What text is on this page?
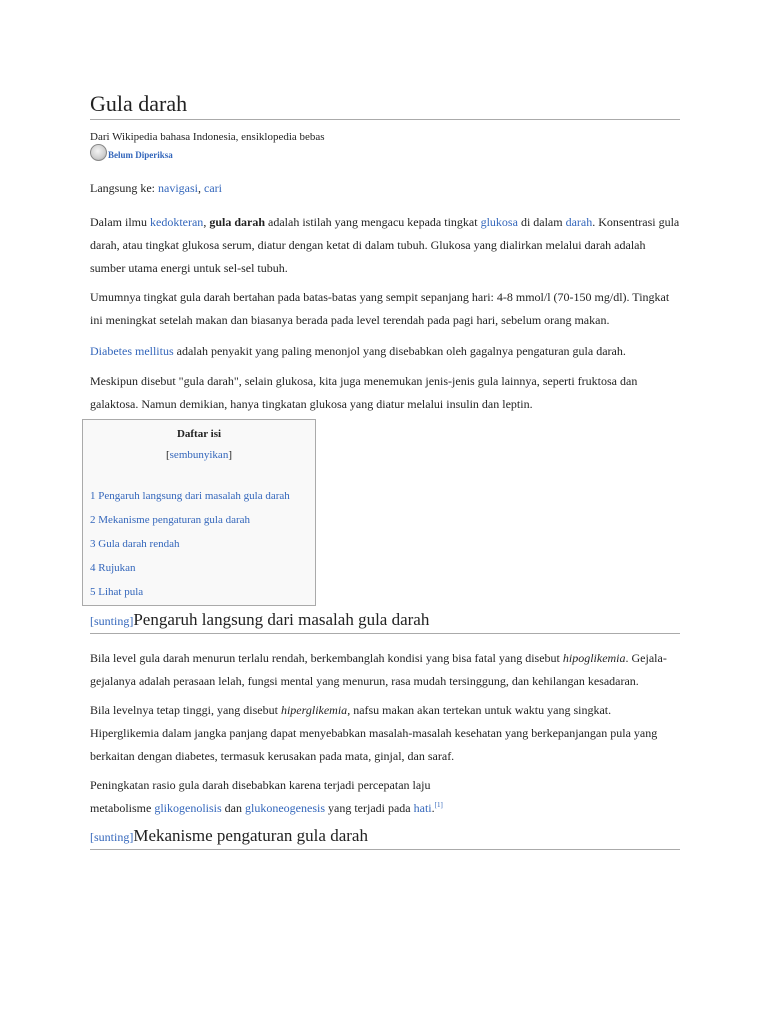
Gula darah
Dari Wikipedia bahasa Indonesia, ensiklopedia bebas
Belum Diperiksa
Langsung ke: navigasi, cari

Dalam ilmu kedokteran, gula darah adalah istilah yang mengacu kepada tingkat glukosa di dalam darah. Konsentrasi gula darah, atau tingkat glukosa serum, diatur dengan ketat di dalam tubuh. Glukosa yang dialirkan melalui darah adalah sumber utama energi untuk sel-sel tubuh.

Umumnya tingkat gula darah bertahan pada batas-batas yang sempit sepanjang hari: 4-8 mmol/l (70-150 mg/dl). Tingkat ini meningkat setelah makan dan biasanya berada pada level terendah pada pagi hari, sebelum orang makan.

Diabetes mellitus adalah penyakit yang paling menonjol yang disebabkan oleh gagalnya pengaturan gula darah.

Meskipun disebut "gula darah", selain glukosa, kita juga menemukan jenis-jenis gula lainnya, seperti fruktosa dan galaktosa. Namun demikian, hanya tingkatan glukosa yang diatur melalui insulin dan leptin.

Daftar isi
[sembunyikan]
1 Pengaruh langsung dari masalah gula darah
2 Mekanisme pengaturan gula darah
3 Gula darah rendah
4 Rujukan
5 Lihat pula
[sunting]Pengaruh langsung dari masalah gula darah

Bila level gula darah menurun terlalu rendah, berkembanglah kondisi yang bisa fatal yang disebut hipoglikemia. Gejala-gejalanya adalah perasaan lelah, fungsi mental yang menurun, rasa mudah tersinggung, dan kehilangan kesadaran.

Bila levelnya tetap tinggi, yang disebut hiperglikemia, nafsu makan akan tertekan untuk waktu yang singkat. Hiperglikemia dalam jangka panjang dapat menyebabkan masalah-masalah kesehatan yang berkepanjangan pula yang berkaitan dengan diabetes, termasuk kerusakan pada mata, ginjal, dan saraf.

Peningkatan rasio gula darah disebabkan karena terjadi percepatan laju
metabolisme glikogenolisis dan glukoneogenesis yang terjadi pada hati.[1]

[sunting]Mekanisme pengaturan gula darah
